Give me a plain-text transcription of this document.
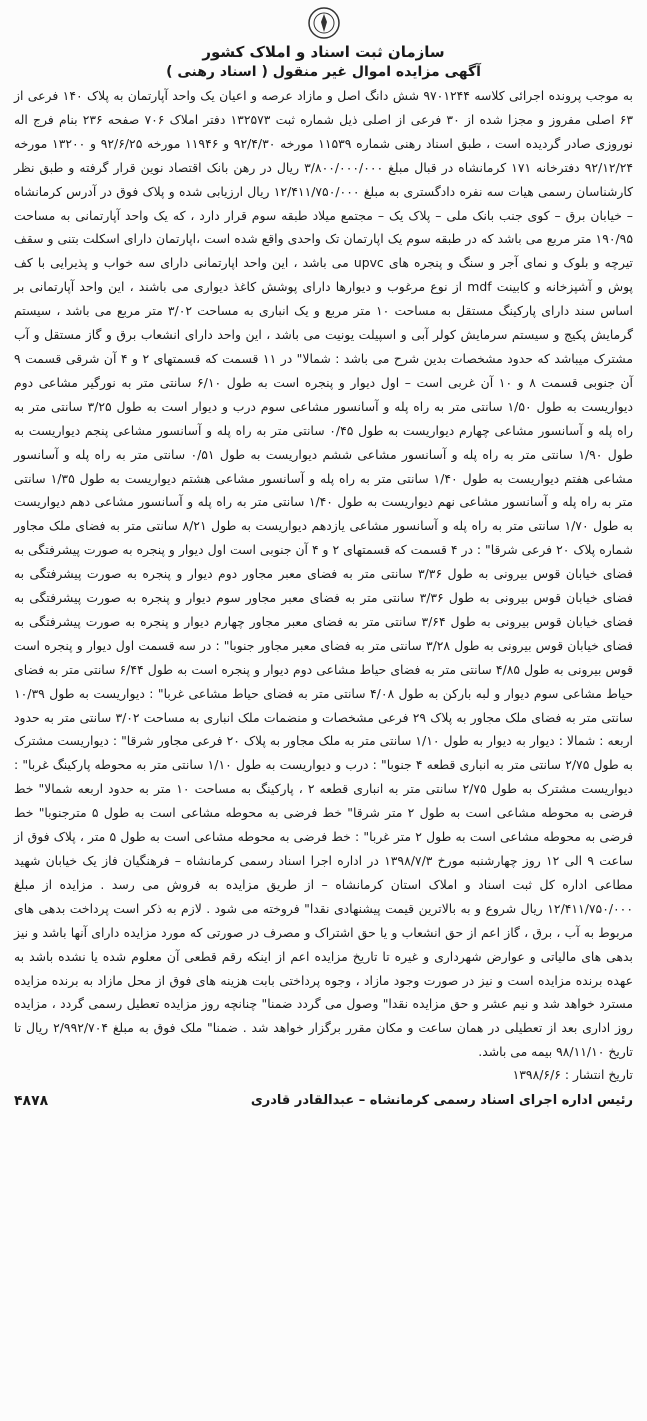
سازمان ثبت اسناد و املاک کشور
آگهی مزایده اموال غیر منقول ( اسناد رهنی )

به موجب پرونده اجرائی کلاسه ۹۷۰۱۲۴۴ شش دانگ اصل و مازاد عرصه و اعیان یک واحد آپارتمان به پلاک ۱۴۰ فرعی از ۶۳ اصلی مفروز و مجزا شده از ۳۰ فرعی از اصلی ذیل شماره ثبت ۱۳۲۵۷۳ دفتر املاک ۷۰۶ صفحه ۲۳۶ بنام فرج اله نوروزی صادر گردیده است ، طبق اسناد رهنی شماره ۱۱۵۳۹ مورخه ۹۲/۴/۳۰ و ۱۱۹۴۶ مورخه ۹۲/۶/۲۵ و ۱۳۲۰۰ مورخه ۹۲/۱۲/۲۴ دفترخانه ۱۷۱ کرمانشاه در قبال مبلغ ۳/۸۰۰/۰۰۰/۰۰۰ ریال در رهن بانک اقتصاد نوین قرار گرفته و طبق نظر کارشناسان رسمی هیات سه نفره دادگستری به مبلغ ۱۲/۴۱۱/۷۵۰/۰۰۰ ریال ارزیابی شده و پلاک فوق در آدرس کرمانشاه – خیابان برق – کوی جنب بانک ملی – پلاک یک – مجتمع میلاد طبقه سوم قرار دارد ، که یک واحد آپارتمانی به مساحت ۱۹۰/۹۵ متر مربع می باشد که در طبقه سوم یک اپارتمان تک واحدی واقع شده است ،اپارتمان دارای اسکلت بتنی و سقف تیرچه و بلوک و نمای آجر و سنگ و پنجره های upvc می باشد ، این واحد اپارتمانی دارای سه خواب و پذیرایی با کف پوش و آشپزخانه و کابینت mdf از نوع مرغوب و دیوارها دارای پوشش کاغذ دیواری می باشند ، این واحد آپارتمانی بر اساس سند دارای پارکینگ مستقل به مساحت ۱۰ متر مربع و یک انباری به مساحت ۳/۰۲ متر مربع می باشد ، سیستم گرمایش پکیج و سیستم سرمایش کولر آبی و اسپیلت یونیت می باشد ، این واحد دارای انشعاب برق و گاز مستقل و آب مشترک میباشد که حدود مشخصات بدین شرح می باشد : شمالا" در ۱۱ قسمت که قسمتهای ۲ و ۴ آن شرقی قسمت ۹ آن جنوبی قسمت ۸ و ۱۰ آن غربی است – اول دیوار و پنجره است به طول ۶/۱۰ سانتی متر به نورگیر مشاعی دوم دیواریست به طول ۱/۵۰ سانتی متر به راه پله و آسانسور مشاعی سوم درب و دیوار است به طول ۳/۲۵ سانتی متر به راه پله و آسانسور مشاعی چهارم دیواریست به طول ۰/۴۵ سانتی متر به راه پله و آسانسور مشاعی پنجم دیواریست به طول ۱/۹۰ سانتی متر به راه پله و آسانسور مشاعی ششم دیواریست به طول ۰/۵۱ سانتی متر به راه پله و آسانسور مشاعی هفتم دیواریست به طول ۱/۴۰ سانتی متر به راه پله و آسانسور مشاعی هشتم دیواریست به طول ۱/۳۵ سانتی متر به راه پله و آسانسور مشاعی نهم دیواریست به طول ۱/۴۰ سانتی متر به راه پله و آسانسور مشاعی دهم دیواریست به طول ۱/۷۰ سانتی متر به راه پله و آسانسور مشاعی یازدهم دیواریست به طول ۸/۲۱ سانتی متر به فضای ملک مجاور شماره پلاک ۲۰ فرعی شرقا" : در ۴ قسمت که قسمتهای ۲ و ۴ آن جنوبی است اول دیوار و پنجره به صورت پیشرفتگی به فضای خیابان قوس بیرونی به طول ۳/۳۶ سانتی متر به فضای معبر مجاور دوم دیوار و پنجره به صورت پیشرفتگی به فضای خیابان قوس بیرونی به طول ۳/۳۶ سانتی متر به فضای معبر مجاور سوم دیوار و پنجره به صورت پیشرفتگی به فضای خیابان قوس بیرونی به طول ۳/۶۴ سانتی متر به فضای معبر مجاور چهارم دیوار و پنجره به صورت پیشرفتگی به فضای خیابان قوس بیرونی به طول ۳/۲۸ سانتی متر به فضای معبر مجاور جنوبا" : در سه قسمت اول دیوار و پنجره است قوس بیرونی به طول ۴/۸۵ سانتی متر به فضای حیاط مشاعی دوم دیوار و پنجره است به طول ۶/۴۴ سانتی متر به فضای حیاط مشاعی سوم دیوار و لبه بارکن به طول ۴/۰۸ سانتی متر به فضای حیاط مشاعی غربا" : دیواریست به طول ۱۰/۳۹ سانتی متر به فضای ملک مجاور به پلاک ۲۹ فرعی مشخصات و منضمات ملک انباری به مساحت ۳/۰۲ سانتی متر به حدود اربعه : شمالا : دیوار به دیوار به طول ۱/۱۰ سانتی متر به ملک مجاور به پلاک ۲۰ فرعی مجاور شرقا" : دیواریست مشترک به طول ۲/۷۵ سانتی متر به انباری قطعه ۴ جنوبا" : درب و دیواریست به طول ۱/۱۰ سانتی متر به محوطه پارکینگ غربا" : دیواریست مشترک به طول ۲/۷۵ سانتی متر به انباری قطعه ۲ ، پارکینگ به مساحت ۱۰ متر به حدود اربعه شمالا" خط فرضی به محوطه مشاعی است به طول ۲ متر شرقا" خط فرضی به محوطه مشاعی است به طول ۵ مترجنوبا" خط فرضی به محوطه مشاعی است به طول ۲ متر غربا" : خط فرضی به محوطه مشاعی است به طول ۵ متر ، پلاک فوق از ساعت ۹ الی ۱۲ روز چهارشنبه مورخ ۱۳۹۸/۷/۳ در اداره اجرا اسناد رسمی کرمانشاه – فرهنگیان فاز یک خیابان شهید مطاعی اداره کل ثبت اسناد و املاک استان کرمانشاه – از طریق مزایده به فروش می رسد . مزایده از مبلغ ۱۲/۴۱۱/۷۵۰/۰۰۰ ریال شروع و به بالاترین قیمت پیشنهادی نقدا" فروخته می شود . لازم به ذکر است پرداخت بدهی های مربوط به آب ، برق ، گاز اعم از حق انشعاب و یا حق اشتراک و مصرف در صورتی که مورد مزایده دارای آنها باشد و نیز بدهی های مالیاتی و عوارض شهرداری و غیره تا تاریخ مزایده اعم از اینکه رقم قطعی آن معلوم شده یا نشده باشد به عهده برنده مزایده است و نیز در صورت وجود مازاد ، وجوه پرداختی بابت هزینه های فوق از محل مازاد به برنده مزایده مسترد خواهد شد و نیم عشر و حق مزایده نقدا" وصول می گردد ضمنا" چنانچه روز مزایده تعطیل رسمی گردد ، مزایده روز اداری بعد از تعطیلی در همان ساعت و مکان مقرر برگزار خواهد شد . ضمنا" ملک فوق به مبلغ ۲/۹۹۲/۷۰۴ ریال تا تاریخ ۹۸/۱۱/۱۰ بیمه می باشد.

تاریخ انتشار : ۱۳۹۸/۶/۶

رئیس اداره اجرای اسناد رسمی کرمانشاه – عبدالقادر قادری
۴۸۷۸
